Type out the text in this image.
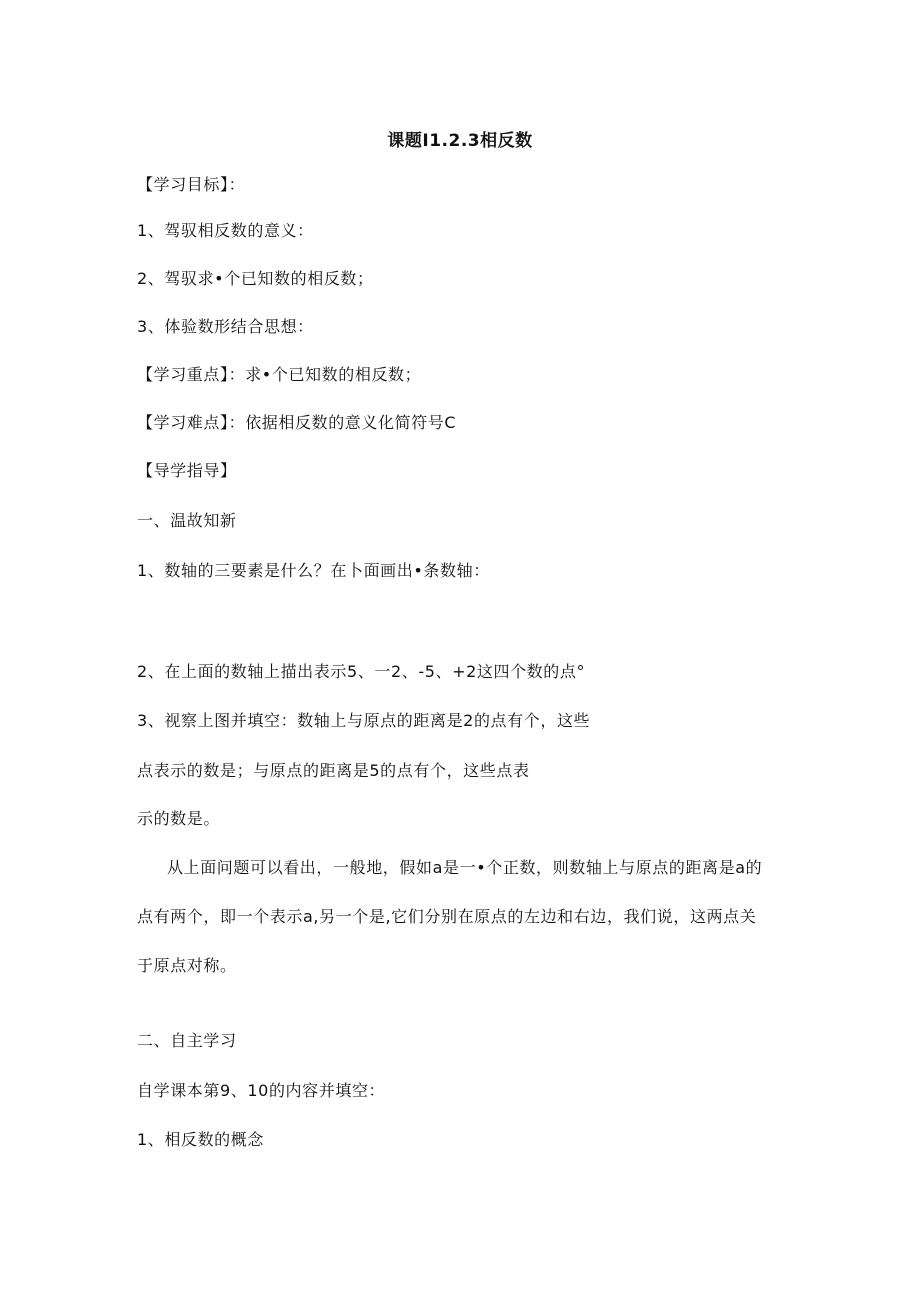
课题I1.2.3相反数
【学习目标】：
1、驾驭相反数的意义：
2、驾驭求•个已知数的相反数；
3、体验数形结合思想：
【学习重点】：求•个已知数的相反数；
【学习难点】：依据相反数的意义化简符号C
【导学指导】
一、温故知新
1、数轴的三要素是什么？在卜面画出•条数轴：
2、在上面的数轴上描出表示5、一2、-5、+2这四个数的点°
3、视察上图并填空：数轴上与原点的距离是2的点有个，这些
点表示的数是；与原点的距离是5的点有个，这些点表
示的数是。
从上面问题可以看出，一般地，假如a是一•个正数，则数轴上与原点的距离是a的
点有两个，即一个表示a,另一个是,它们分别在原点的左边和右边，我们说，这两点关
于原点对称。
二、自主学习
自学课本第9、10的内容并填空：
1、相反数的概念
